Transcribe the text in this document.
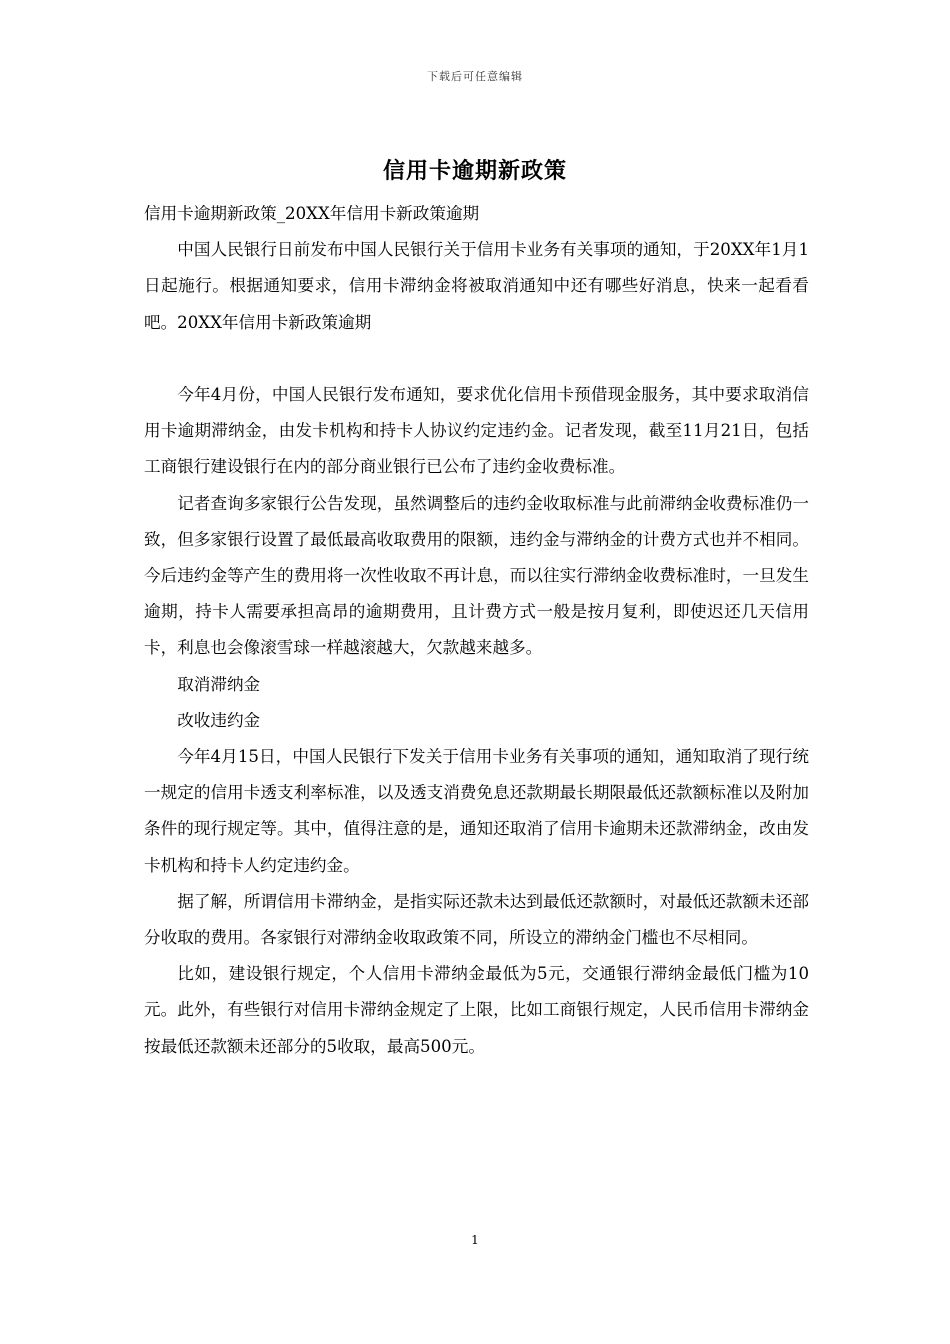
下载后可任意编辑
信用卡逾期新政策

信用卡逾期新政策_20XX年信用卡新政策逾期

中国人民银行日前发布中国人民银行关于信用卡业务有关事项的通知，于20XX年1月1日起施行。根据通知要求，信用卡滞纳金将被取消通知中还有哪些好消息，快来一起看看吧。20XX年信用卡新政策逾期

今年4月份，中国人民银行发布通知，要求优化信用卡预借现金服务，其中要求取消信用卡逾期滞纳金，由发卡机构和持卡人协议约定违约金。记者发现，截至11月21日，包括工商银行建设银行在内的部分商业银行已公布了违约金收费标准。

记者查询多家银行公告发现，虽然调整后的违约金收取标准与此前滞纳金收费标准仍一致，但多家银行设置了最低最高收取费用的限额，违约金与滞纳金的计费方式也并不相同。今后违约金等产生的费用将一次性收取不再计息，而以往实行滞纳金收费标准时，一旦发生逾期，持卡人需要承担高昂的逾期费用，且计费方式一般是按月复利，即使迟还几天信用卡，利息也会像滚雪球一样越滚越大，欠款越来越多。

取消滞纳金

改收违约金

今年4月15日，中国人民银行下发关于信用卡业务有关事项的通知，通知取消了现行统一规定的信用卡透支利率标准，以及透支消费免息还款期最长期限最低还款额标准以及附加条件的现行规定等。其中，值得注意的是，通知还取消了信用卡逾期未还款滞纳金，改由发卡机构和持卡人约定违约金。

据了解，所谓信用卡滞纳金，是指实际还款未达到最低还款额时，对最低还款额未还部分收取的费用。各家银行对滞纳金收取政策不同，所设立的滞纳金门槛也不尽相同。

比如，建设银行规定，个人信用卡滞纳金最低为5元，交通银行滞纳金最低门槛为10元。此外，有些银行对信用卡滞纳金规定了上限，比如工商银行规定，人民币信用卡滞纳金按最低还款额未还部分的5收取，最高500元。

1
